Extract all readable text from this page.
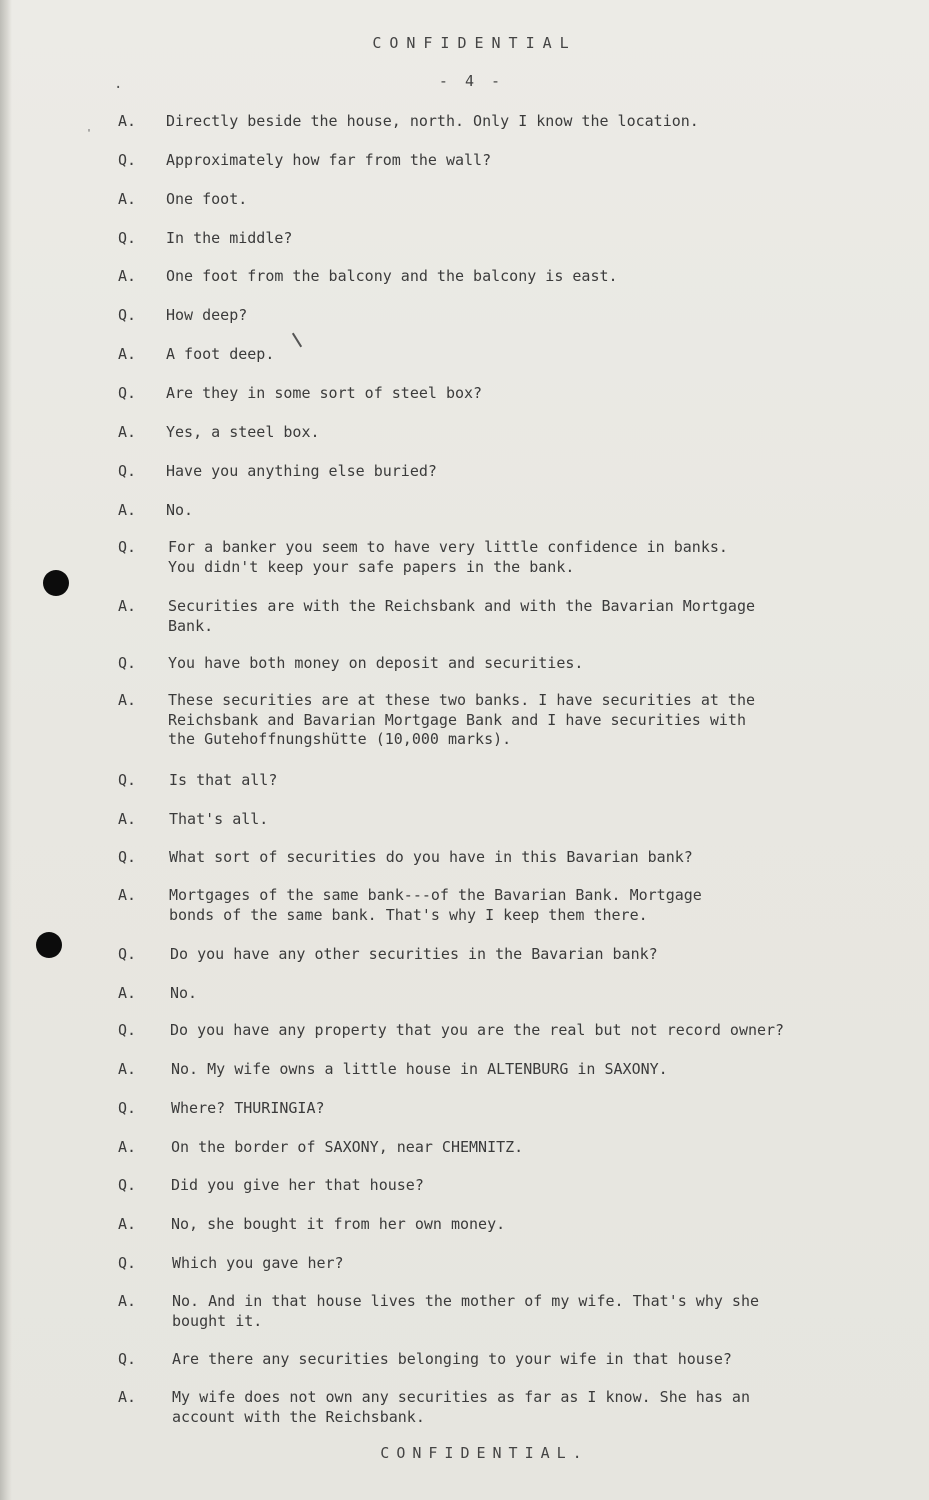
CONFIDENTIAL
- 4 -
.
'
A. Directly beside the house, north. Only I know the location.
Q. Approximately how far from the wall?
A. One foot.
Q. In the middle?
A. One foot from the balcony and the balcony is east.
Q. How deep?
A. A foot deep.
Q. Are they in some sort of steel box?
A. Yes, a steel box.
Q. Have you anything else buried?
A. No.
Q. For a banker you seem to have very little confidence in banks.
You didn't keep your safe papers in the bank.
A. Securities are with the Reichsbank and with the Bavarian Mortgage
Bank.
Q. You have both money on deposit and securities.
A. These securities are at these two banks. I have securities at the
Reichsbank and Bavarian Mortgage Bank and I have securities with
the Gutehoffnungshütte (10,000 marks).
Q. Is that all?
A. That's all.
Q. What sort of securities do you have in this Bavarian bank?
A. Mortgages of the same bank---of the Bavarian Bank. Mortgage
bonds of the same bank. That's why I keep them there.
Q. Do you have any other securities in the Bavarian bank?
A. No.
Q. Do you have any property that you are the real but not record owner?
A. No. My wife owns a little house in ALTENBURG in SAXONY.
Q. Where? THURINGIA?
A. On the border of SAXONY, near CHEMNITZ.
Q. Did you give her that house?
A. No, she bought it from her own money.
Q. Which you gave her?
A. No. And in that house lives the mother of my wife. That's why she
bought it.
Q. Are there any securities belonging to your wife in that house?
A. My wife does not own any securities as far as I know. She has an
account with the Reichsbank.
CONFIDENTIAL.
